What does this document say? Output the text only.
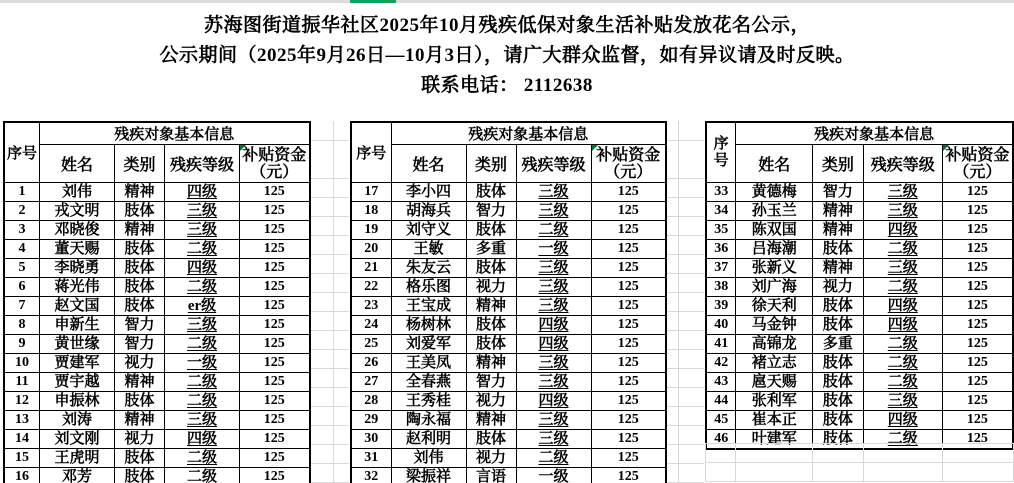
苏海图街道振华社区2025年10月残疾低保对象生活补贴发放花名公示，
公示期间（2025年9月26日—10月3日），请广大群众监督，如有异议请及时反映。
联系电话： 2112638
序号	残疾对象基本信息			
	姓名	类别	残疾等级	补贴资金（元）
1	刘伟	精神	四级	125
2	戎文明	肢体	三级	125
3	邓晓俊	精神	三级	125
4	董天赐	肢体	二级	125
5	李晓勇	肢体	四级	125
6	蒋光伟	肢体	二级	125
7	赵文国	肢体	er级	125
8	申新生	智力	三级	125
9	黄世缘	智力	二级	125
10	贾建军	视力	一级	125
11	贾宇越	精神	二级	125
12	申振林	肢体	二级	125
13	刘涛	精神	三级	125
14	刘文刚	视力	四级	125
15	王虎明	肢体	二级	125
16	邓芳	肢体	二级	125
序号	残疾对象基本信息			
	姓名	类别	残疾等级	补贴资金（元）
17	李小四	肢体	三级	125
18	胡海兵	智力	三级	125
19	刘守义	肢体	二级	125
20	王敏	多重	一级	125
21	朱友云	肢体	三级	125
22	格乐图	视力	三级	125
23	王宝成	精神	三级	125
24	杨树林	肢体	四级	125
25	刘爱军	肢体	四级	125
26	王美凤	精神	三级	125
27	全春燕	智力	三级	125
28	王秀桂	视力	四级	125
29	陶永福	精神	三级	125
30	赵利明	肢体	三级	125
31	刘伟	视力	二级	125
32	梁振祥	言语	一级	125
序号	残疾对象基本信息			
	姓名	类别	残疾等级	补贴资金（元）
33	黄德梅	智力	三级	125
34	孙玉兰	精神	三级	125
35	陈双国	精神	四级	125
36	吕海潮	肢体	二级	125
37	张新义	精神	三级	125
38	刘广海	视力	二级	125
39	徐天利	肢体	四级	125
40	马金钟	肢体	四级	125
41	高锦龙	多重	二级	125
42	褚立志	肢体	二级	125
43	扈天赐	肢体	二级	125
44	张利军	肢体	三级	125
45	崔本正	肢体	四级	125
46	叶建军	肢体	二级	125
